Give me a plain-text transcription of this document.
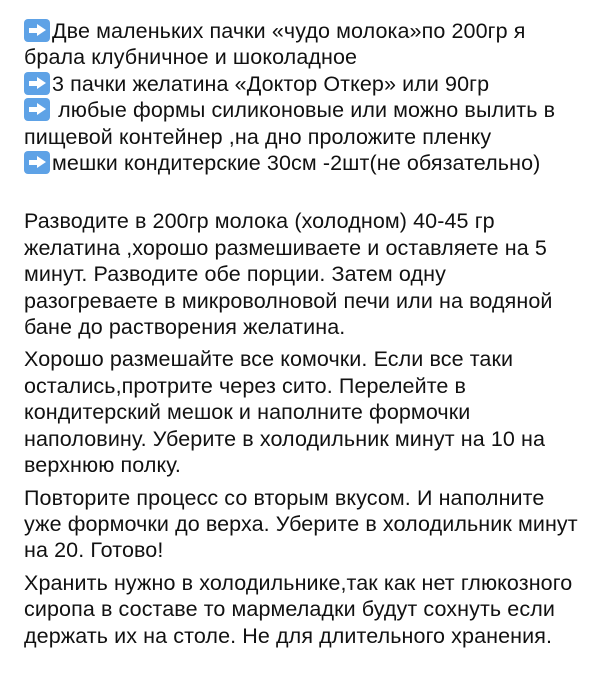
Две маленьких пачки «чудо молока»по 200гр я брала клубничное и шоколадное
3 пачки желатина «Доктор Откер» или 90гр
любые формы силиконовые или можно вылить в пищевой контейнер ,на дно проложите пленку
мешки кондитерские 30см -2шт(не обязательно)

Разводите в 200гр молока (холодном) 40-45 гр желатина ,хорошо размешиваете и оставляете на 5 минут. Разводите обе порции. Затем одну разогреваете в микроволновой печи или на водяной бане до растворения желатина.

Хорошо размешайте все комочки. Если все таки остались,протрите через сито. Перелейте в кондитерский мешок и наполните формочки наполовину. Уберите в холодильник минут на 10 на верхнюю полку.

Повторите процесс со вторым вкусом. И наполните уже формочки до верха. Уберите в холодильник минут на 20. Готово!

Хранить нужно в холодильнике,так как нет глюкозного сиропа в составе то мармеладки будут сохнуть если держать их на столе. Не для длительного хранения.
